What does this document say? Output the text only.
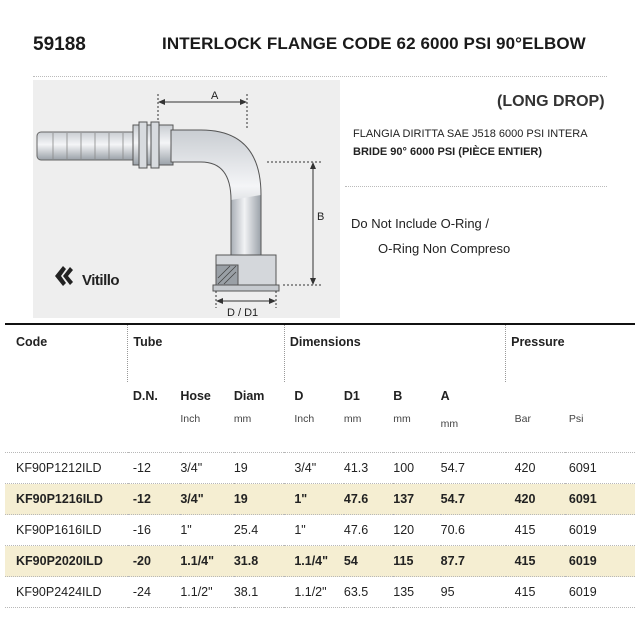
59188	INTERLOCK FLANGE CODE 62 6000 PSI 90°ELBOW
A
B
D / D1
Vitillo
(LONG DROP)
FLANGIA DIRITTA SAE J518 6000 PSI INTERA
BRIDE 90° 6000 PSI (PIÈCE ENTIER)
Do Not Include O-Ring /
O-Ring Non Compreso
Code	Tube			Dimensions				Pressure	
	D.N.	Hose	Diam	D	D1	B	A		
		Inch	mm	Inch	mm	mm	mm	Bar	Psi
KF90P1212ILD	-12	3/4"	19	3/4"	41.3	100	54.7	420	6091
KF90P1216ILD	-12	3/4"	19	1"	47.6	137	54.7	420	6091
KF90P1616ILD	-16	1"	25.4	1"	47.6	120	70.6	415	6019
KF90P2020ILD	-20	1.1/4"	31.8	1.1/4"	54	115	87.7	415	6019
KF90P2424ILD	-24	1.1/2"	38.1	1.1/2"	63.5	135	95	415	6019
